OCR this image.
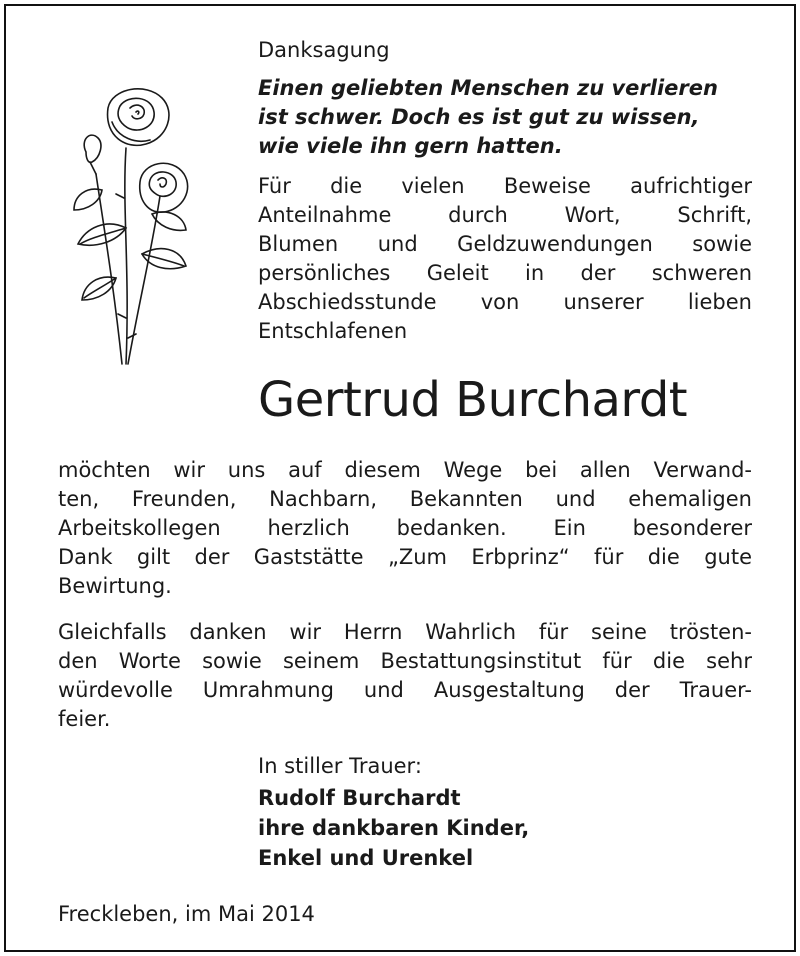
Danksagung

Einen geliebten Menschen zu verlieren

ist schwer. Doch es ist gut zu wissen,

wie viele ihn gern hatten.

Für die vielen Beweise aufrichtiger

Anteilnahme durch Wort, Schrift,

Blumen und Geldzuwendungen sowie

persönliches Geleit in der schweren

Abschiedsstunde von unserer lieben

Entschlafenen

Gertrud Burchardt

möchten wir uns auf diesem Wege bei allen Verwand-

ten, Freunden, Nachbarn, Bekannten und ehemaligen

Arbeitskollegen herzlich bedanken. Ein besonderer

Dank gilt der Gaststätte „Zum Erbprinz“ für die gute

Bewirtung.

Gleichfalls danken wir Herrn Wahrlich für seine trösten-

den Worte sowie seinem Bestattungsinstitut für die sehr

würdevolle Umrahmung und Ausgestaltung der Trauer-

feier.

In stiller Trauer:

Rudolf Burchardt

ihre dankbaren Kinder,

Enkel und Urenkel

Freckleben, im Mai 2014
